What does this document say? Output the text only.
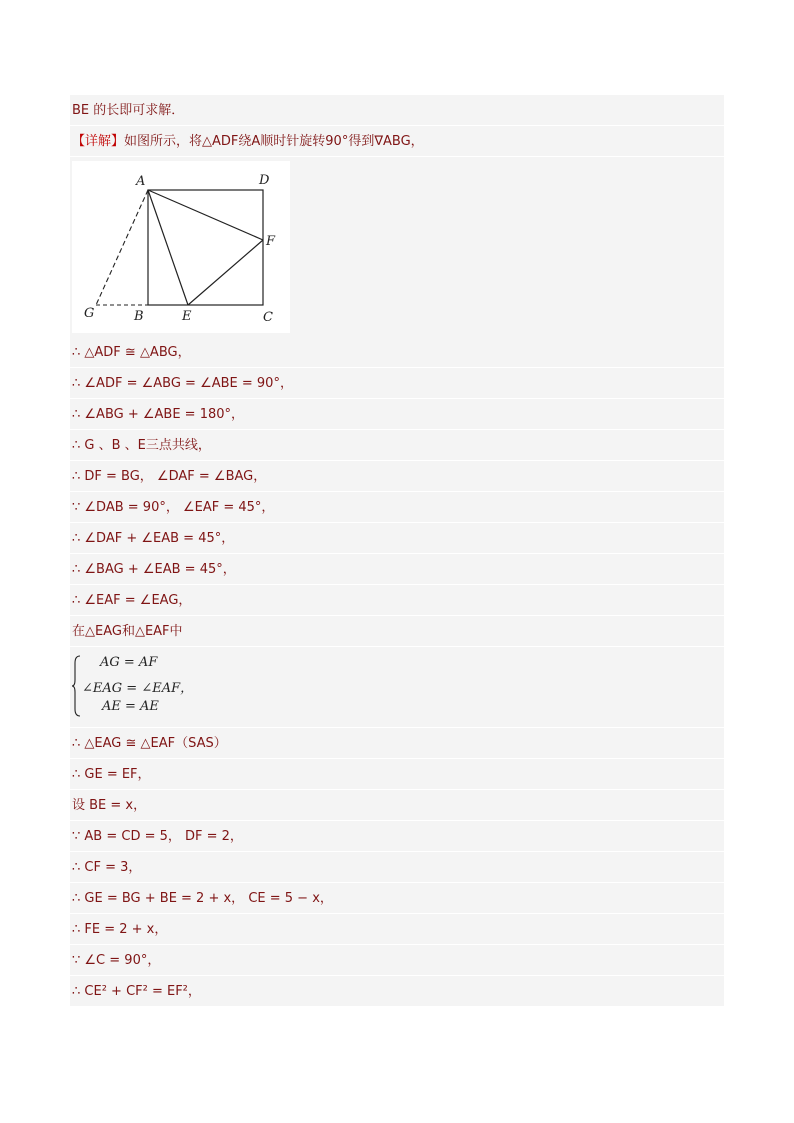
BE 的长即可求解．
【详解】如图所示，将△ADF绕A顺时针旋转90°得到∇ABG，
A	D
F
G	B	E	C
∴ △ADF ≅ △ABG，
∴ ∠ADF = ∠ABG = ∠ABE = 90°，
∴ ∠ABG + ∠ABE = 180°，
∴ G 、B 、E三点共线，
∴ DF = BG， ∠DAF = ∠BAG，
∵ ∠DAB = 90°， ∠EAF = 45°，
∴ ∠DAF + ∠EAB = 45°，
∴ ∠BAG + ∠EAB = 45°，
∴ ∠EAF = ∠EAG，
在△EAG和△EAF中
AG = AF
∠EAG = ∠EAF，
AE = AE
∴ △EAG ≅ △EAF（SAS）
∴ GE = EF，
设 BE = x，
∵ AB = CD = 5， DF = 2，
∴ CF = 3，
∴ GE = BG + BE = 2 + x， CE = 5 − x，
∴ FE = 2 + x，
∵ ∠C = 90°，
∴ CE² + CF² = EF²，
